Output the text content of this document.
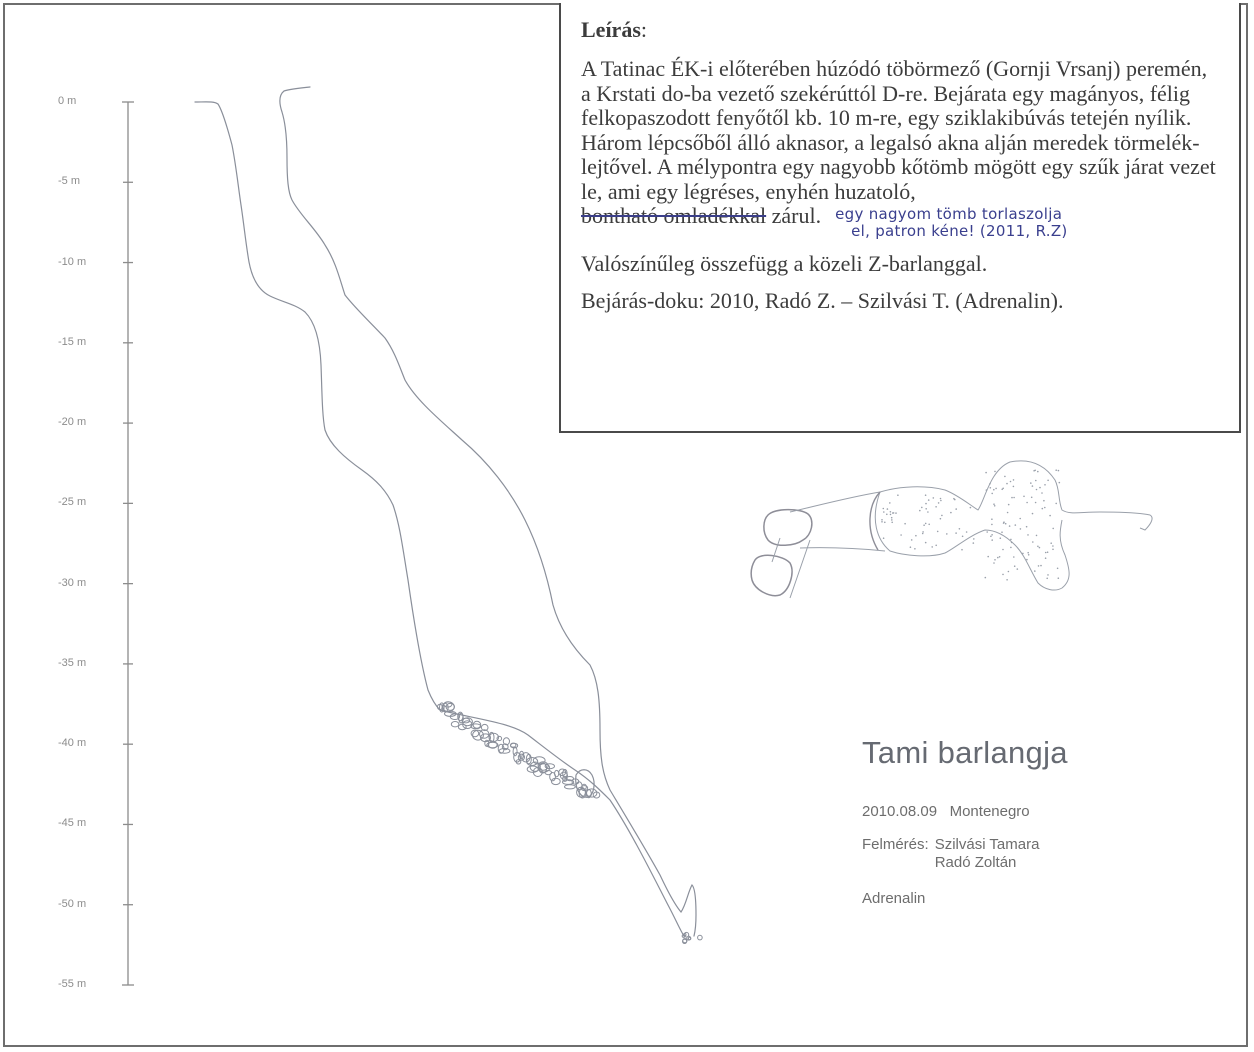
0 m
-5 m
-10 m
-15 m
-20 m
-25 m
-30 m
-35 m
-40 m
-45 m
-50 m
-55 m

Leírás:

A Tatinac ÉK-i előterében húzódó töbörmező (Gornji Vrsanj) peremén, a Krstati do-ba vezető szekérúttól D-re. Bejárata egy magányos, félig felkopaszodott fenyőtől kb. 10 m-re, egy sziklakibúvás tetején nyílik. Három lépcsőből álló aknasor, a legalsó akna alján meredek törmelék-lejtővel. A mélypontra egy nagyobb kőtömb mögött egy szűk járat vezet le, ami egy légréses, enyhén huzatoló,
bontható omladékkal zárul. egy nagyom tömb torlaszolja
el, patron kéne! (2011, R.Z)

Valószínűleg összefügg a közeli Z-barlanggal.

Bejárás-doku: 2010, Radó Z. – Szilvási T. (Adrenalin).

Tami barlangja
2010.08.09 Montenegro
Felmérés: Szilvási Tamara
Radó Zoltán
Adrenalin
